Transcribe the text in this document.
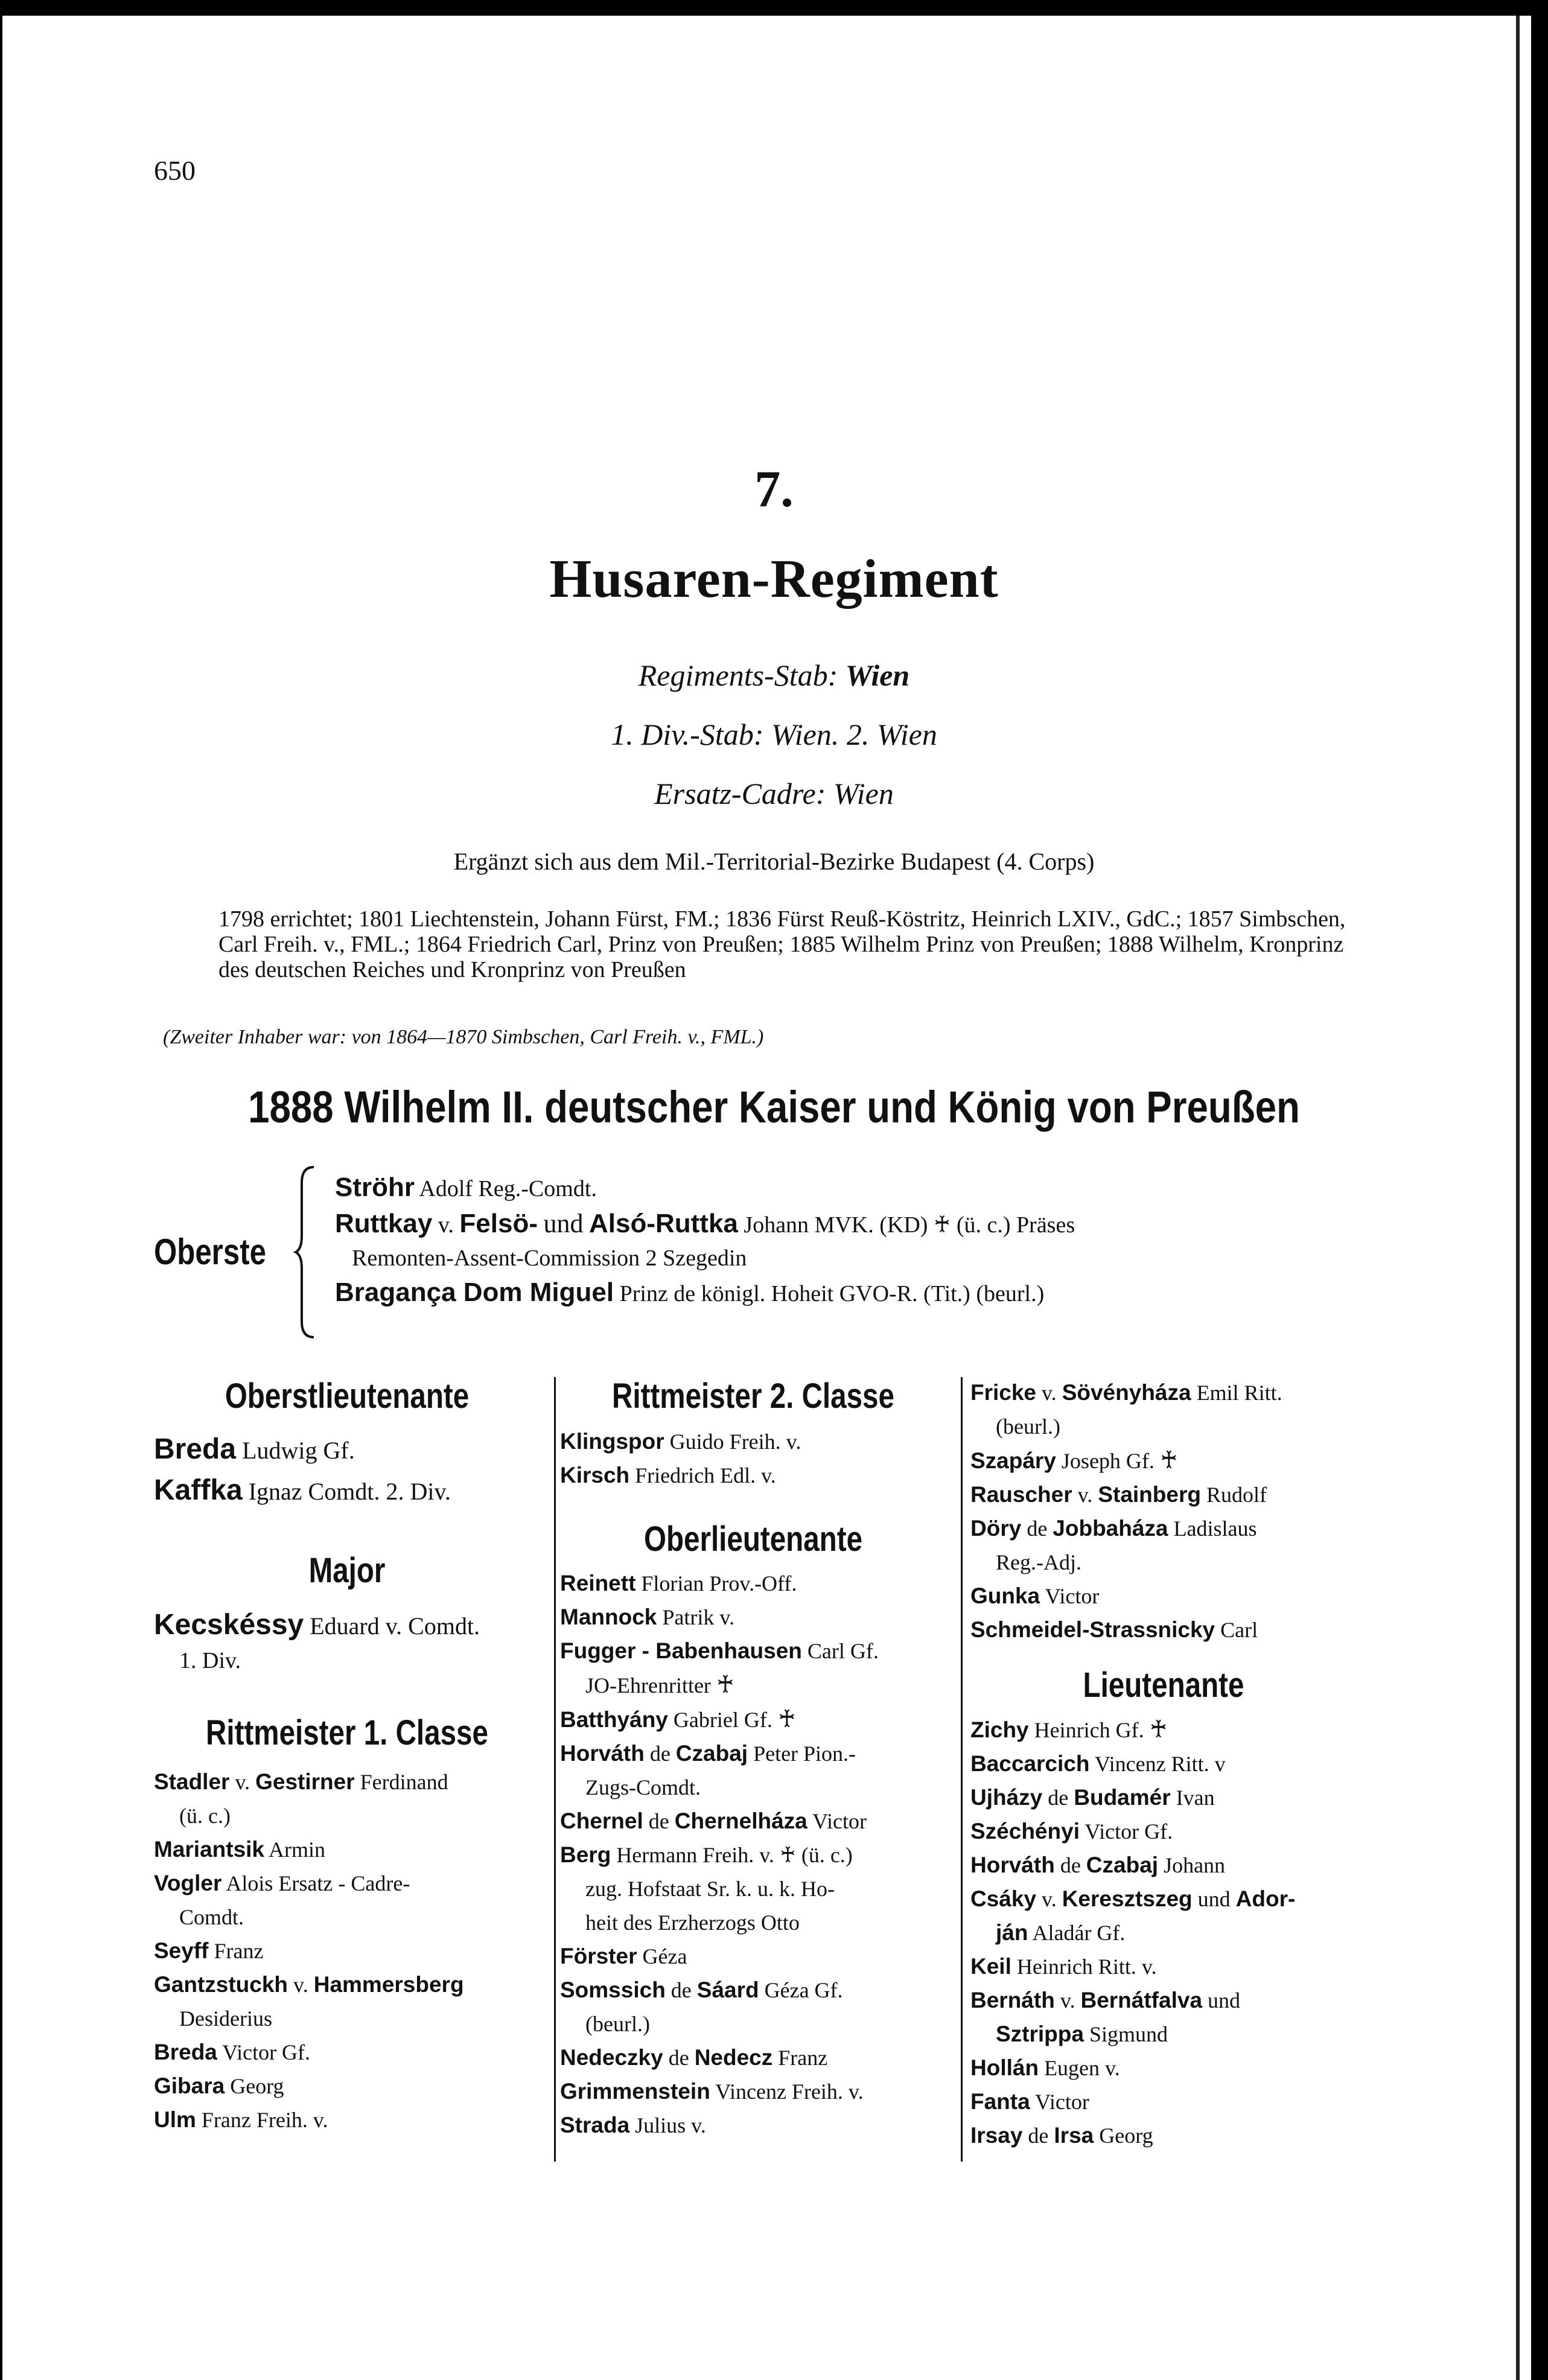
650
7.
Husaren-Regiment
Regiments-Stab: Wien
1. Div.-Stab: Wien. 2. Wien
Ersatz-Cadre: Wien
Ergänzt sich aus dem Mil.-Territorial-Bezirke Budapest (4. Corps)
1798 errichtet; 1801 Liechtenstein, Johann Fürst, FM.; 1836 Fürst Reuß-Köstritz, Heinrich LXIV., GdC.; 1857 Simbschen, Carl Freih. v., FML.; 1864 Friedrich Carl, Prinz von Preußen; 1885 Wilhelm Prinz von Preußen; 1888 Wilhelm, Kronprinz des deutschen Reiches und Kronprinz von Preußen
(Zweiter Inhaber war: von 1864—1870 Simbschen, Carl Freih. v., FML.)
1888 Wilhelm II. deutscher Kaiser und König von Preußen
Oberste
Ströhr Adolf Reg.-Comdt.
Ruttkay v. Felsö- und Alsó-Ruttka Johann MVK. (KD) ♰ (ü. c.) Präses
Remonten-Assent-Commission 2 Szegedin
Bragança Dom Miguel Prinz de königl. Hoheit GVO-R. (Tit.) (beurl.)
Oberstlieutenante
Breda Ludwig Gf.
Kaffka Ignaz Comdt. 2. Div.
Major
Kecskéssy Eduard v. Comdt.
1. Div.
Rittmeister 1. Classe
Stadler v. Gestirner Ferdinand
(ü. c.)
Mariantsik Armin
Vogler Alois Ersatz - Cadre-
Comdt.
Seyff Franz
Gantzstuckh v. Hammersberg
Desiderius
Breda Victor Gf.
Gibara Georg
Ulm Franz Freih. v.
Rittmeister 2. Classe
Klingspor Guido Freih. v.
Kirsch Friedrich Edl. v.
Oberlieutenante
Reinett Florian Prov.-Off.
Mannock Patrik v.
Fugger - Babenhausen Carl Gf.
JO-Ehrenritter ♰
Batthyány Gabriel Gf. ♰
Horváth de Czabaj Peter Pion.-
Zugs-Comdt.
Chernel de Chernelháza Victor
Berg Hermann Freih. v. ♰ (ü. c.)
zug. Hofstaat Sr. k. u. k. Ho-
heit des Erzherzogs Otto
Förster Géza
Somssich de Sáard Géza Gf.
(beurl.)
Nedeczky de Nedecz Franz
Grimmenstein Vincenz Freih. v.
Strada Julius v.
Fricke v. Sövényháza Emil Ritt.
(beurl.)
Szapáry Joseph Gf. ♰
Rauscher v. Stainberg Rudolf
Döry de Jobbaháza Ladislaus
Reg.-Adj.
Gunka Victor
Schmeidel-Strassnicky Carl
Lieutenante
Zichy Heinrich Gf. ♰
Baccarcich Vincenz Ritt. v
Ujházy de Budamér Ivan
Széchényi Victor Gf.
Horváth de Czabaj Johann
Csáky v. Keresztszeg und Ador-
ján Aladár Gf.
Keil Heinrich Ritt. v.
Bernáth v. Bernátfalva und
Sztrippa Sigmund
Hollán Eugen v.
Fanta Victor
Irsay de Irsa Georg
